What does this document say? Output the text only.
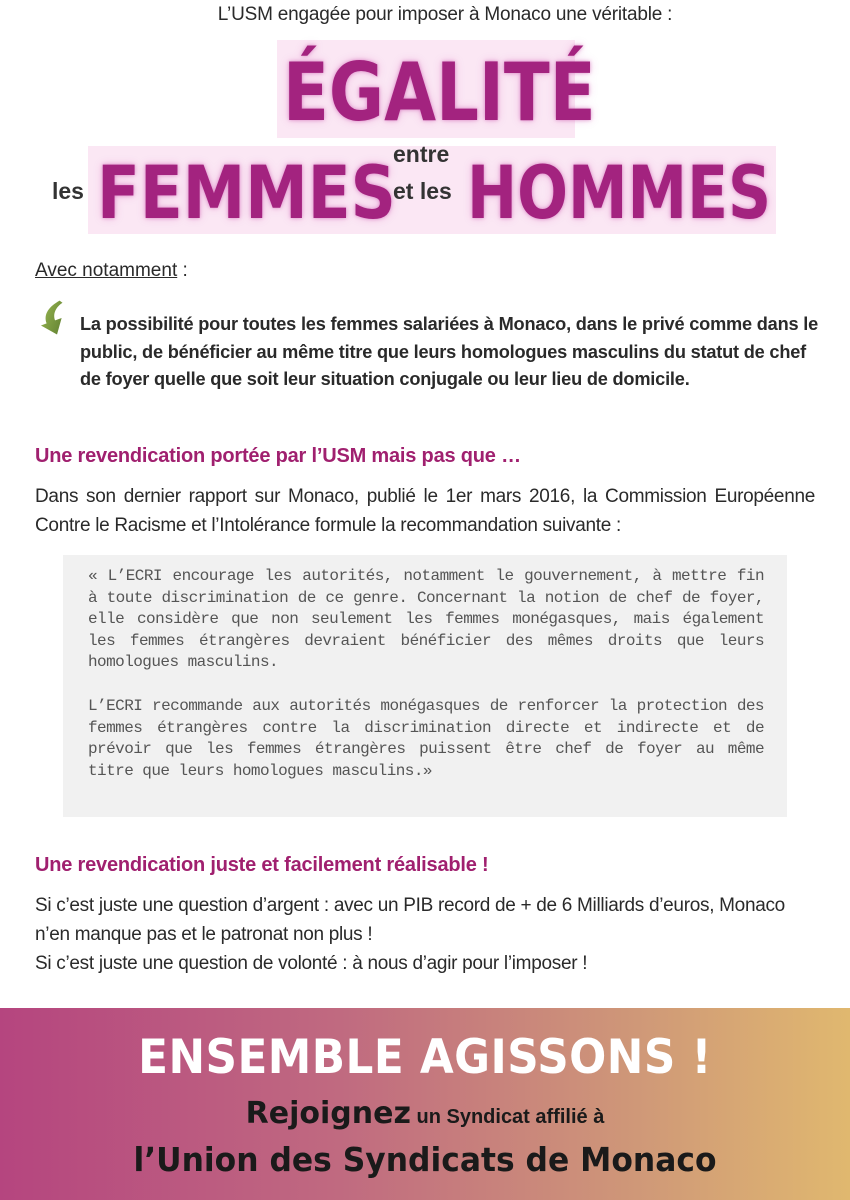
L’USM engagée pour imposer à Monaco une véritable :
ÉGALITÉ
les FEMMES
entre
et les HOMMES
Avec notamment :
La possibilité pour toutes les femmes salariées à Monaco, dans le privé comme dans le public, de bénéficier au même titre que leurs homologues masculins du statut de chef de foyer quelle que soit leur situation conjugale ou leur lieu de domicile.
Une revendication portée par l’USM mais pas que …
Dans son dernier rapport sur Monaco, publié le 1er mars 2016, la Commission Européenne Contre le Racisme et l’Intolérance formule la recommandation suivante :
« L’ECRI encourage les autorités, notamment le gouvernement, à mettre fin à toute discrimination de ce genre. Concernant la notion de chef de foyer, elle considère que non seulement les femmes monégasques, mais également les femmes étrangères devraient bénéficier des mêmes droits que leurs homologues masculins.
L’ECRI recommande aux autorités monégasques de renforcer la protection des femmes étrangères contre la discrimination directe et indirecte et de prévoir que les femmes étrangères puissent être chef de foyer au même titre que leurs homologues masculins.»
Une revendication juste et facilement réalisable !
Si c’est juste une question d’argent : avec un PIB record de + de 6 Milliards d’euros, Monaco n’en manque pas et le patronat non plus !
Si c’est juste une question de volonté : à nous d’agir pour l’imposer !
ENSEMBLE AGISSONS !
Rejoignez un Syndicat affilié à
l’Union des Syndicats de Monaco
